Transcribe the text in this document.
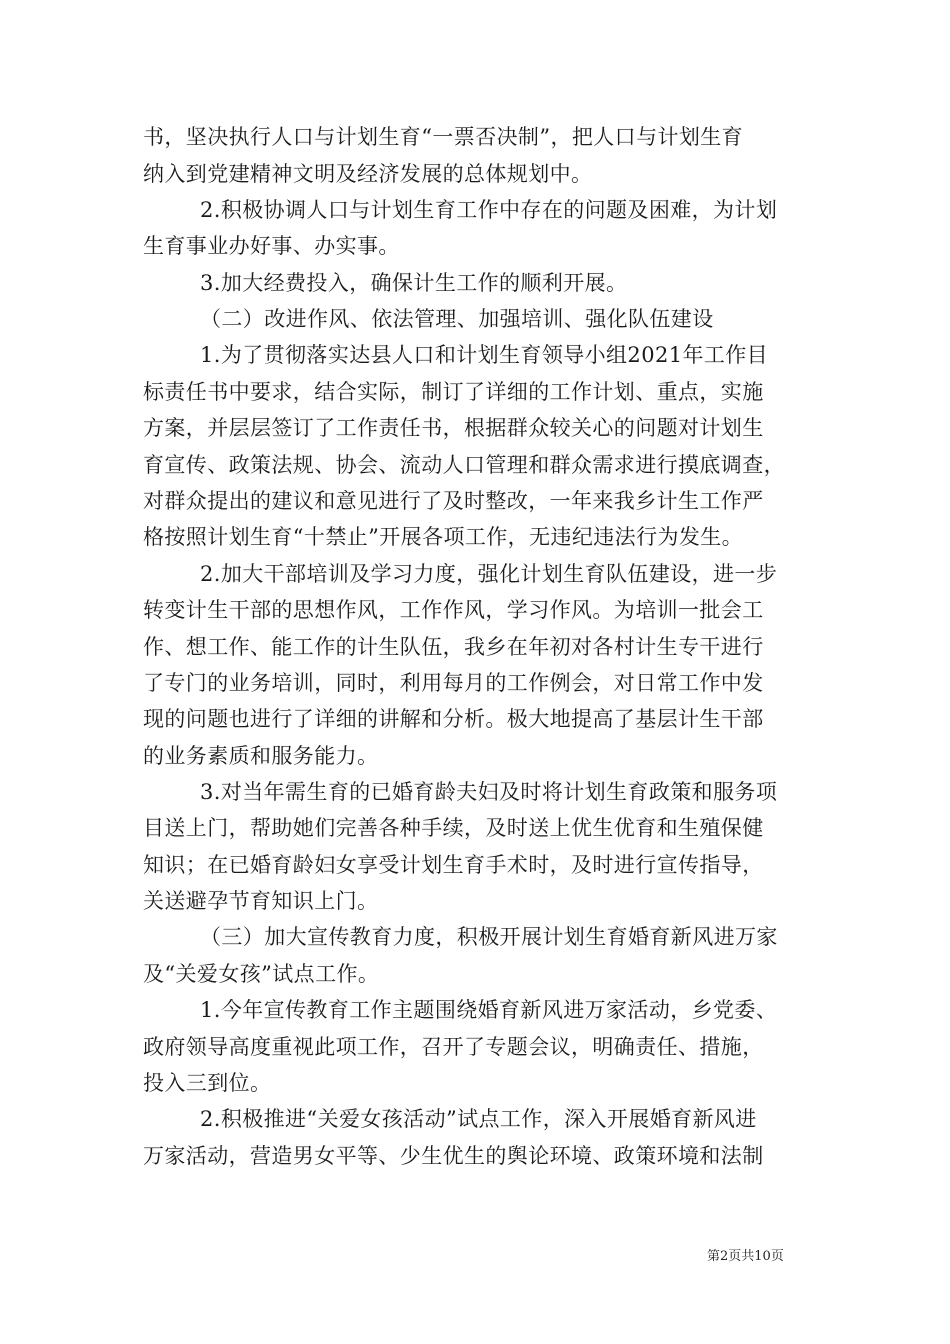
书，坚决执行人口与计划生育“一票否决制”，把人口与计划生育
纳入到党建精神文明及经济发展的总体规划中。
2.积极协调人口与计划生育工作中存在的问题及困难，为计划
生育事业办好事、办实事。
3.加大经费投入，确保计生工作的顺利开展。
（二）改进作风、依法管理、加强培训、强化队伍建设
1.为了贯彻落实达县人口和计划生育领导小组2021年工作目
标责任书中要求，结合实际，制订了详细的工作计划、重点，实施
方案，并层层签订了工作责任书，根据群众较关心的问题对计划生
育宣传、政策法规、协会、流动人口管理和群众需求进行摸底调查，
对群众提出的建议和意见进行了及时整改，一年来我乡计生工作严
格按照计划生育“十禁止”开展各项工作，无违纪违法行为发生。
2.加大干部培训及学习力度，强化计划生育队伍建设，进一步
转变计生干部的思想作风，工作作风，学习作风。为培训一批会工
作、想工作、能工作的计生队伍，我乡在年初对各村计生专干进行
了专门的业务培训，同时，利用每月的工作例会，对日常工作中发
现的问题也进行了详细的讲解和分析。极大地提高了基层计生干部
的业务素质和服务能力。
3.对当年需生育的已婚育龄夫妇及时将计划生育政策和服务项
目送上门，帮助她们完善各种手续，及时送上优生优育和生殖保健
知识；在已婚育龄妇女享受计划生育手术时，及时进行宣传指导，
关送避孕节育知识上门。
（三）加大宣传教育力度，积极开展计划生育婚育新风进万家
及“关爱女孩”试点工作。
1.今年宣传教育工作主题围绕婚育新风进万家活动，乡党委、
政府领导高度重视此项工作，召开了专题会议，明确责任、措施，
投入三到位。
2.积极推进“关爱女孩活动”试点工作，深入开展婚育新风进
万家活动，营造男女平等、少生优生的舆论环境、政策环境和法制
第2页共10页
